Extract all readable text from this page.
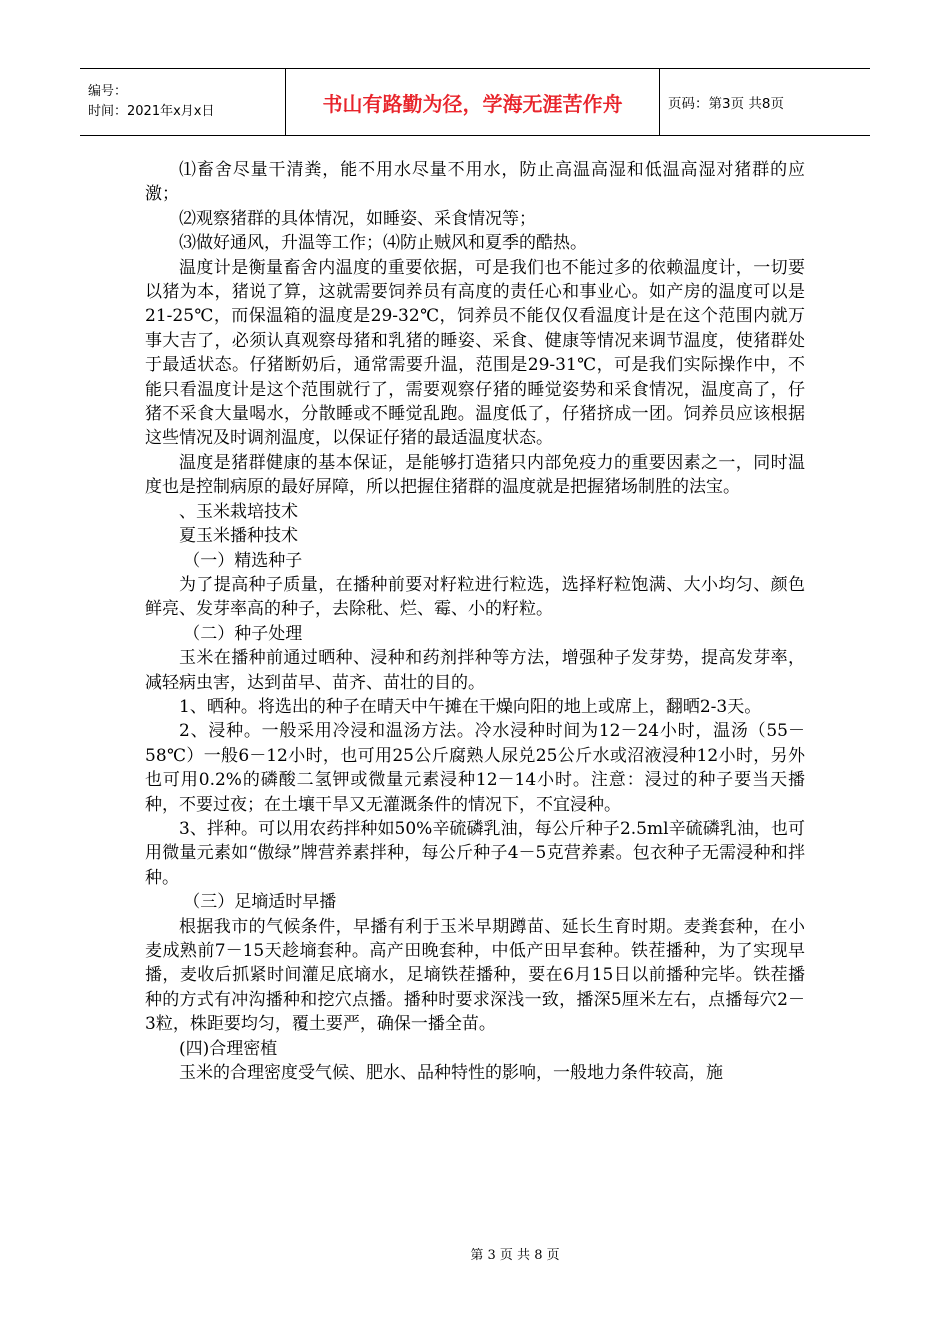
编号：
时间：2021年x月x日	书山有路勤为径，学海无涯苦作舟	页码：第3页 共8页

⑴畜舍尽量干清粪，能不用水尽量不用水，防止高温高湿和低温高湿对猪群的应激；

⑵观察猪群的具体情况，如睡姿、采食情况等；

⑶做好通风，升温等工作；⑷防止贼风和夏季的酷热。

温度计是衡量畜舍内温度的重要依据，可是我们也不能过多的依赖温度计，一切要以猪为本，猪说了算，这就需要饲养员有高度的责任心和事业心。如产房的温度可以是21-25℃，而保温箱的温度是29-32℃，饲养员不能仅仅看温度计是在这个范围内就万事大吉了，必须认真观察母猪和乳猪的睡姿、采食、健康等情况来调节温度，使猪群处于最适状态。仔猪断奶后，通常需要升温，范围是29-31℃，可是我们实际操作中，不能只看温度计是这个范围就行了，需要观察仔猪的睡觉姿势和采食情况，温度高了，仔猪不采食大量喝水，分散睡或不睡觉乱跑。温度低了，仔猪挤成一团。饲养员应该根据这些情况及时调剂温度，以保证仔猪的最适温度状态。

温度是猪群健康的基本保证，是能够打造猪只内部免疫力的重要因素之一，同时温度也是控制病原的最好屏障，所以把握住猪群的温度就是把握猪场制胜的法宝。

、玉米栽培技术

夏玉米播种技术

（一）精选种子

为了提高种子质量，在播种前要对籽粒进行粒选，选择籽粒饱满、大小均匀、颜色鲜亮、发芽率高的种子，去除秕、烂、霉、小的籽粒。

（二）种子处理

玉米在播种前通过晒种、浸种和药剂拌种等方法，增强种子发芽势，提高发芽率，减轻病虫害，达到苗早、苗齐、苗壮的目的。

1、晒种。将选出的种子在晴天中午摊在干燥向阳的地上或席上，翻晒2-3天。

2、浸种。一般采用冷浸和温汤方法。冷水浸种时间为12－24小时，温汤（55－58℃）一般6－12小时，也可用25公斤腐熟人尿兑25公斤水或沼液浸种12小时，另外也可用0.2%的磷酸二氢钾或微量元素浸种12－14小时。注意：浸过的种子要当天播种，不要过夜；在土壤干旱又无灌溉条件的情况下，不宜浸种。

3、拌种。可以用农药拌种如50%辛硫磷乳油，每公斤种子2.5ml辛硫磷乳油，也可用微量元素如“傲绿”牌营养素拌种，每公斤种子4－5克营养素。包衣种子无需浸种和拌种。

（三）足墒适时早播

根据我市的气候条件，早播有利于玉米早期蹲苗、延长生育时期。麦粪套种，在小麦成熟前7－15天趁墒套种。高产田晚套种，中低产田早套种。铁茬播种，为了实现早播，麦收后抓紧时间灌足底墒水，足墒铁茬播种，要在6月15日以前播种完毕。铁茬播种的方式有冲沟播种和挖穴点播。播种时要求深浅一致，播深5厘米左右，点播每穴2－3粒，株距要均匀，覆土要严，确保一播全苗。

(四)合理密植

玉米的合理密度受气候、肥水、品种特性的影响，一般地力条件较高，施

第 3 页 共 8 页
